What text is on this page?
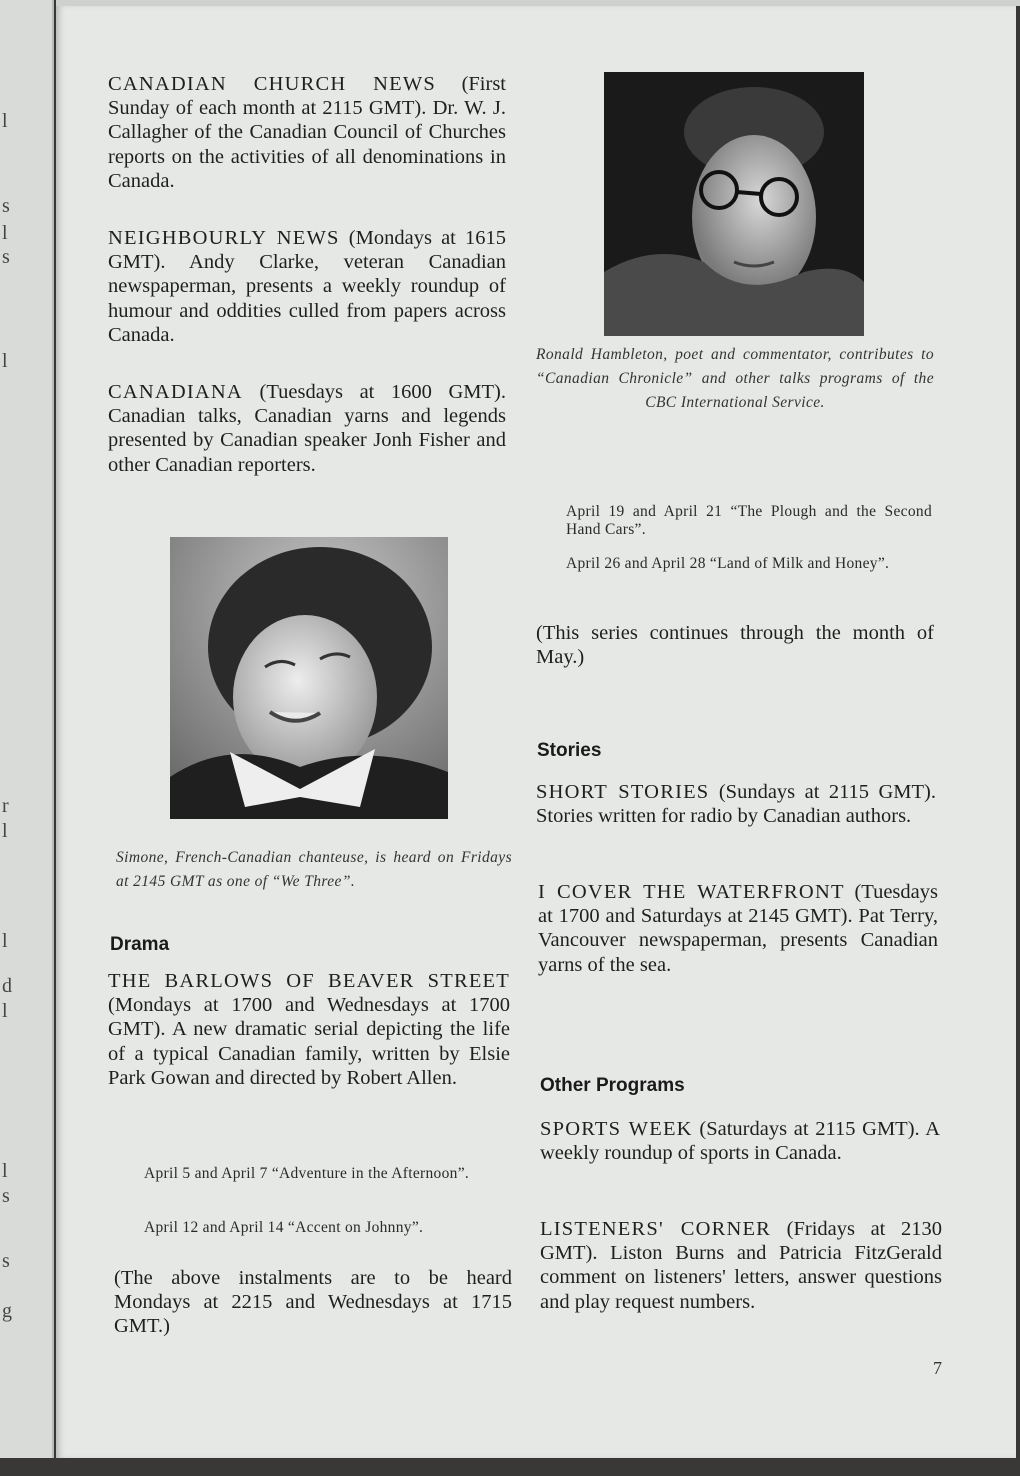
l
s
l
s
l
r
l
l
d
l
l
s
s
g

CANADIAN CHURCH NEWS (First Sunday of each month at 2115 GMT). Dr. W. J. Callagher of the Canadian Council of Churches reports on the activities of all denominations in Canada.

NEIGHBOURLY NEWS (Mondays at 1615 GMT). Andy Clarke, veteran Canadian newspaperman, presents a weekly roundup of humour and oddities culled from papers across Canada.

CANADIANA (Tuesdays at 1600 GMT). Canadian talks, Canadian yarns and legends presented by Canadian speaker Jonh Fisher and other Canadian reporters.

Simone, French-Canadian chanteuse, is heard on Fridays at 2145 GMT as one of “We Three”.

Drama

THE BARLOWS OF BEAVER STREET (Mondays at 1700 and Wednesdays at 1700 GMT). A new dramatic serial depicting the life of a typical Canadian family, written by Elsie Park Gowan and directed by Robert Allen.

April 5 and April 7 “Adventure in the Afternoon”.

April 12 and April 14 “Accent on Johnny”.

(The above instalments are to be heard Mondays at 2215 and Wednesdays at 1715 GMT.)

Ronald Hambleton, poet and commentator, contributes to “Canadian Chronicle” and other talks programs of the CBC International Service.

April 19 and April 21 “The Plough and the Second Hand Cars”.

April 26 and April 28 “Land of Milk and Honey”.

(This series continues through the month of May.)

Stories

SHORT STORIES (Sundays at 2115 GMT). Stories written for radio by Canadian authors.

I COVER THE WATERFRONT (Tuesdays at 1700 and Saturdays at 2145 GMT). Pat Terry, Vancouver newspaperman, presents Canadian yarns of the sea.

Other Programs

SPORTS WEEK (Saturdays at 2115 GMT). A weekly roundup of sports in Canada.

LISTENERS' CORNER (Fridays at 2130 GMT). Liston Burns and Patricia FitzGerald comment on listeners' letters, answer questions and play request numbers.

7
